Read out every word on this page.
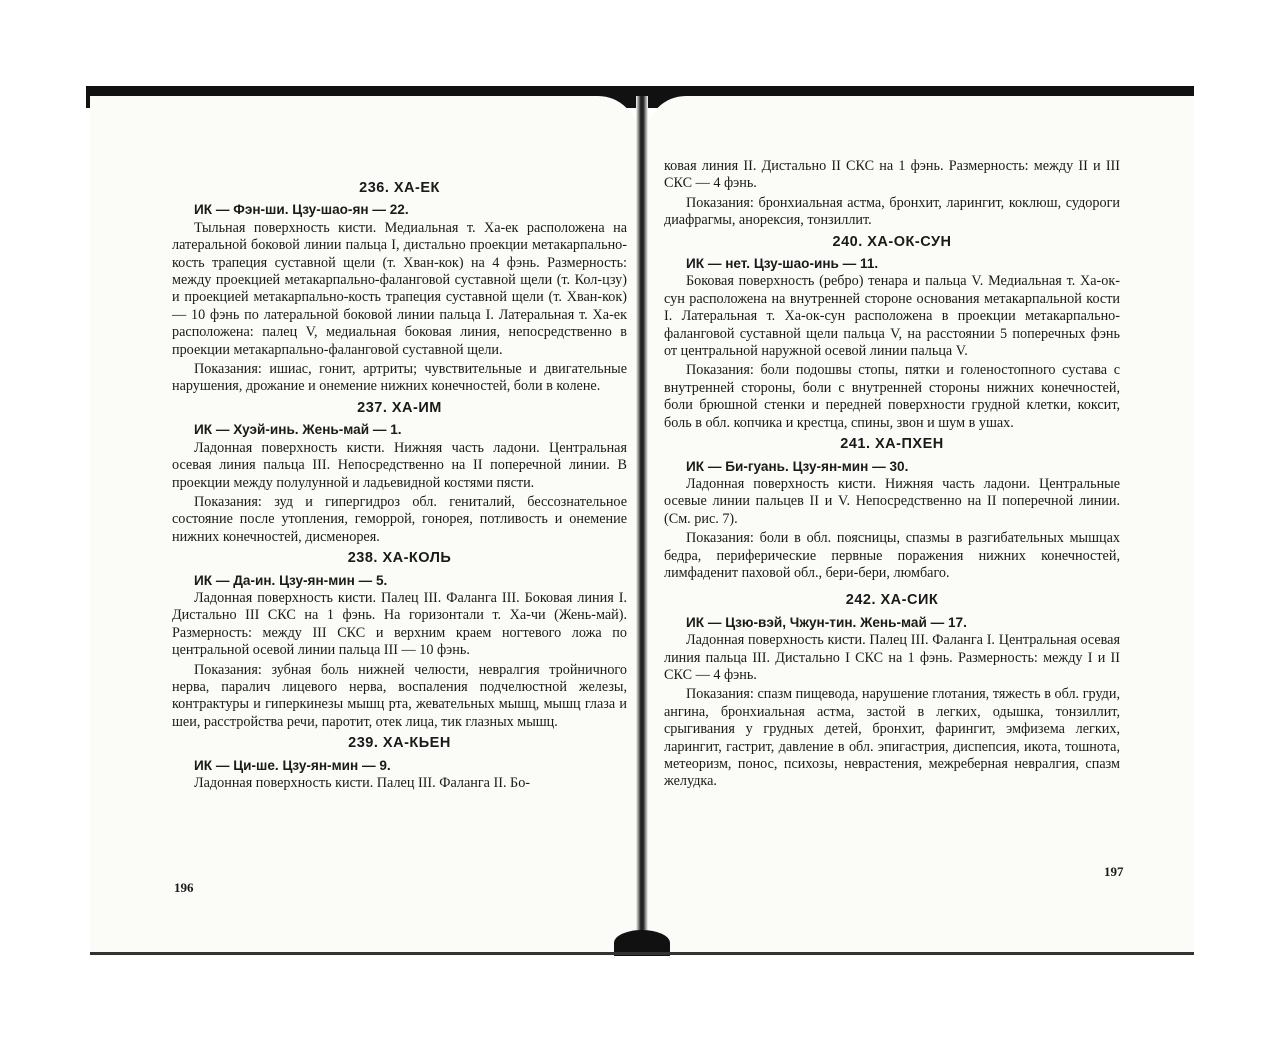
236. ХА-ЕК
ИК — Фэн-ши. Цзу-шао-ян — 22.
Тыльная поверхность кисти. Медиальная т. Ха-ек расположена на латеральной боковой линии пальца I, дистально проекции метакарпально-кость трапеция суставной щели (т. Хван-кок) на 4 фэнь. Размерность: между проекцией метакарпально-фаланговой суставной щели (т. Кол-цзу) и проекцией метакарпально-кость трапеция суставной щели (т. Хван-кок) — 10 фэнь по латеральной боковой линии пальца I. Латеральная т. Ха-ек расположена: палец V, медиальная боковая линия, непосредственно в проекции метакарпально-фаланговой суставной щели.
Показания: ишиас, гонит, артриты; чувствительные и двигательные нарушения, дрожание и онемение нижних конечностей, боли в колене.
237. ХА-ИМ
ИК — Хуэй-инь. Жень-май — 1.
Ладонная поверхность кисти. Нижняя часть ладони. Центральная осевая линия пальца III. Непосредственно на II поперечной линии. В проекции между полулунной и ладьевидной костями пясти.
Показания: зуд и гипергидроз обл. гениталий, бессознательное состояние после утопления, геморрой, гонорея, потливость и онемение нижних конечностей, дисменорея.
238. ХА-КОЛЬ
ИК — Да-ин. Цзу-ян-мин — 5.
Ладонная поверхность кисти. Палец III. Фаланга III. Боковая линия I. Дистально III СКС на 1 фэнь. На горизонтали т. Ха-чи (Жень-май). Размерность: между III СКС и верхним краем ногтевого ложа по центральной осевой линии пальца III — 10 фэнь.
Показания: зубная боль нижней челюсти, невралгия тройничного нерва, паралич лицевого нерва, воспаления подчелюстной железы, контрактуры и гиперкинезы мышц рта, жевательных мышц, мышц глаза и шеи, расстройства речи, паротит, отек лица, тик глазных мышц.
239. ХА-КЬЕН
ИК — Ци-ше. Цзу-ян-мин — 9.
Ладонная поверхность кисти. Палец III. Фаланга II. Бо-
196
ковая линия II. Дистально II СКС на 1 фэнь. Размерность: между II и III СКС — 4 фэнь.
Показания: бронхиальная астма, бронхит, ларингит, коклюш, судороги диафрагмы, анорексия, тонзиллит.
240. ХА-ОК-СУН
ИК — нет. Цзу-шао-инь — 11.
Боковая поверхность (ребро) тенара и пальца V. Медиальная т. Ха-ок-сун расположена на внутренней стороне основания метакарпальной кости I. Латеральная т. Ха-ок-сун расположена в проекции метакарпально-фаланговой суставной щели пальца V, на расстоянии 5 поперечных фэнь от центральной наружной осевой линии пальца V.
Показания: боли подошвы стопы, пятки и голеностопного сустава с внутренней стороны, боли с внутренней стороны нижних конечностей, боли брюшной стенки и передней поверхности грудной клетки, коксит, боль в обл. копчика и крестца, спины, звон и шум в ушах.
241. ХА-ПХЕН
ИК — Би-гуань. Цзу-ян-мин — 30.
Ладонная поверхность кисти. Нижняя часть ладони. Центральные осевые линии пальцев II и V. Непосредственно на II поперечной линии. (См. рис. 7).
Показания: боли в обл. поясницы, спазмы в разгибательных мышцах бедра, периферические первные поражения нижних конечностей, лимфаденит паховой обл., бери-бери, люмбаго.
242. ХА-СИК
ИК — Цзю-вэй, Чжун-тин. Жень-май — 17.
Ладонная поверхность кисти. Палец III. Фаланга I. Центральная осевая линия пальца III. Дистально I СКС на 1 фэнь. Размерность: между I и II СКС — 4 фэнь.
Показания: спазм пищевода, нарушение глотания, тяжесть в обл. груди, ангина, бронхиальная астма, застой в легких, одышка, тонзиллит, срыгивания у грудных детей, бронхит, фарингит, эмфизема легких, ларингит, гастрит, давление в обл. эпигастрия, диспепсия, икота, тошнота, метеоризм, понос, психозы, неврастения, межреберная невралгия, спазм желудка.
197
